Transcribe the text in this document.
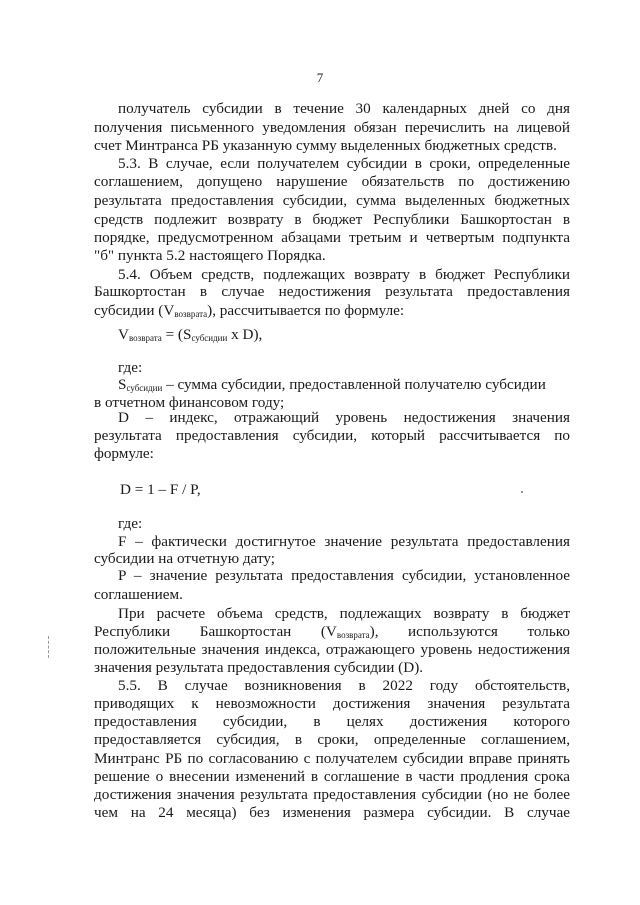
7
получатель субсидии в течение 30 календарных дней со дня
получения письменного уведомления обязан перечислить на лицевой
счет Минтранса РБ указанную сумму выделенных бюджетных средств.
5.3. В случае, если получателем субсидии в сроки, определенные
соглашением, допущено нарушение обязательств по достижению
результата предоставления субсидии, сумма выделенных бюджетных
средств подлежит возврату в бюджет Республики Башкортостан в
порядке, предусмотренном абзацами третьим и четвертым подпункта
"б" пункта 5.2 настоящего Порядка.
5.4. Объем средств, подлежащих возврату в бюджет Республики
Башкортостан в случае недостижения результата предоставления
субсидии $(V_{возврата})$, рассчитывается по формуле:
$V_{возврата} = (S_{субсидии}$ x D),
где:
$S_{субсидии}$ – сумма субсидии, предоставленной получателю субсидии
в отчетном финансовом году;
D – индекс, отражающий уровень недостижения значения
результата предоставления субсидии, который рассчитывается по
формуле:
D = 1 – F / P,
где:
F – фактически достигнутое значение результата предоставления
субсидии на отчетную дату;
P – значение результата предоставления субсидии, установленное
соглашением.
При расчете объема средств, подлежащих возврату в бюджет
Республики Башкортостан $(V_{возврата})$, используются только
положительные значения индекса, отражающего уровень недостижения
значения результата предоставления субсидии (D).
5.5. В случае возникновения в 2022 году обстоятельств,
приводящих к невозможности достижения значения результата
предоставления субсидии, в целях достижения которого
предоставляется субсидия, в сроки, определенные соглашением,
Минтранс РБ по согласованию с получателем субсидии вправе принять
решение о внесении изменений в соглашение в части продления срока
достижения значения результата предоставления субсидии (но не более
чем на 24 месяца) без изменения размера субсидии. В случае
